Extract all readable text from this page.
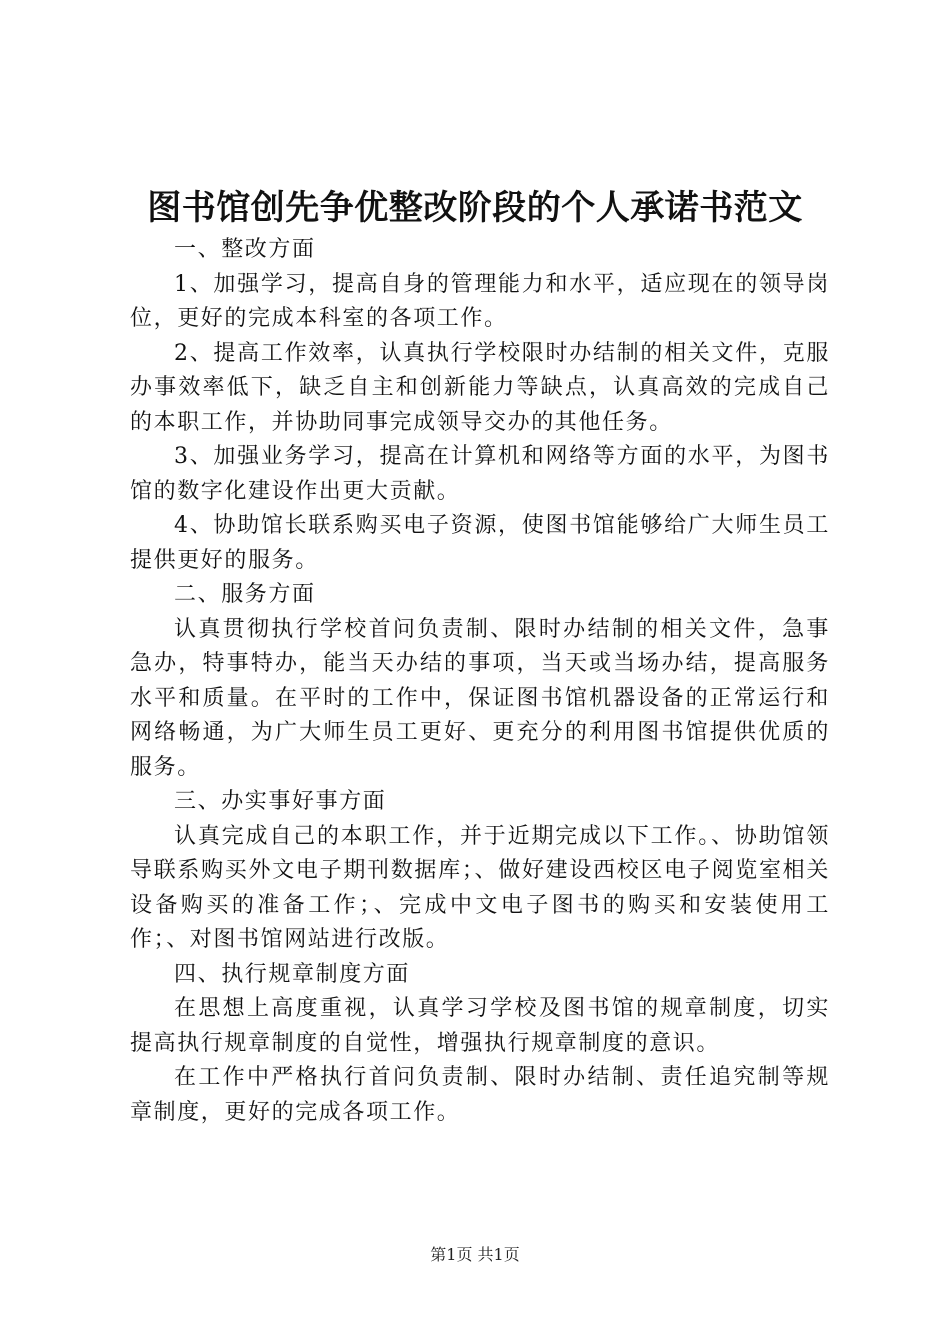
图书馆创先争优整改阶段的个人承诺书范文

一、整改方面

1、加强学习，提高自身的管理能力和水平，适应现在的领导岗位，更好的完成本科室的各项工作。

2、提高工作效率，认真执行学校限时办结制的相关文件，克服办事效率低下，缺乏自主和创新能力等缺点，认真高效的完成自己的本职工作，并协助同事完成领导交办的其他任务。

3、加强业务学习，提高在计算机和网络等方面的水平，为图书馆的数字化建设作出更大贡献。

4、协助馆长联系购买电子资源，使图书馆能够给广大师生员工提供更好的服务。

二、服务方面

认真贯彻执行学校首问负责制、限时办结制的相关文件，急事急办，特事特办，能当天办结的事项，当天或当场办结，提高服务水平和质量。在平时的工作中，保证图书馆机器设备的正常运行和网络畅通，为广大师生员工更好、更充分的利用图书馆提供优质的服务。

三、办实事好事方面

认真完成自己的本职工作，并于近期完成以下工作。、协助馆领导联系购买外文电子期刊数据库；、做好建设西校区电子阅览室相关设备购买的准备工作；、完成中文电子图书的购买和安装使用工作；、对图书馆网站进行改版。

四、执行规章制度方面

在思想上高度重视，认真学习学校及图书馆的规章制度，切实提高执行规章制度的自觉性，增强执行规章制度的意识。

在工作中严格执行首问负责制、限时办结制、责任追究制等规章制度，更好的完成各项工作。

第1页 共1页
